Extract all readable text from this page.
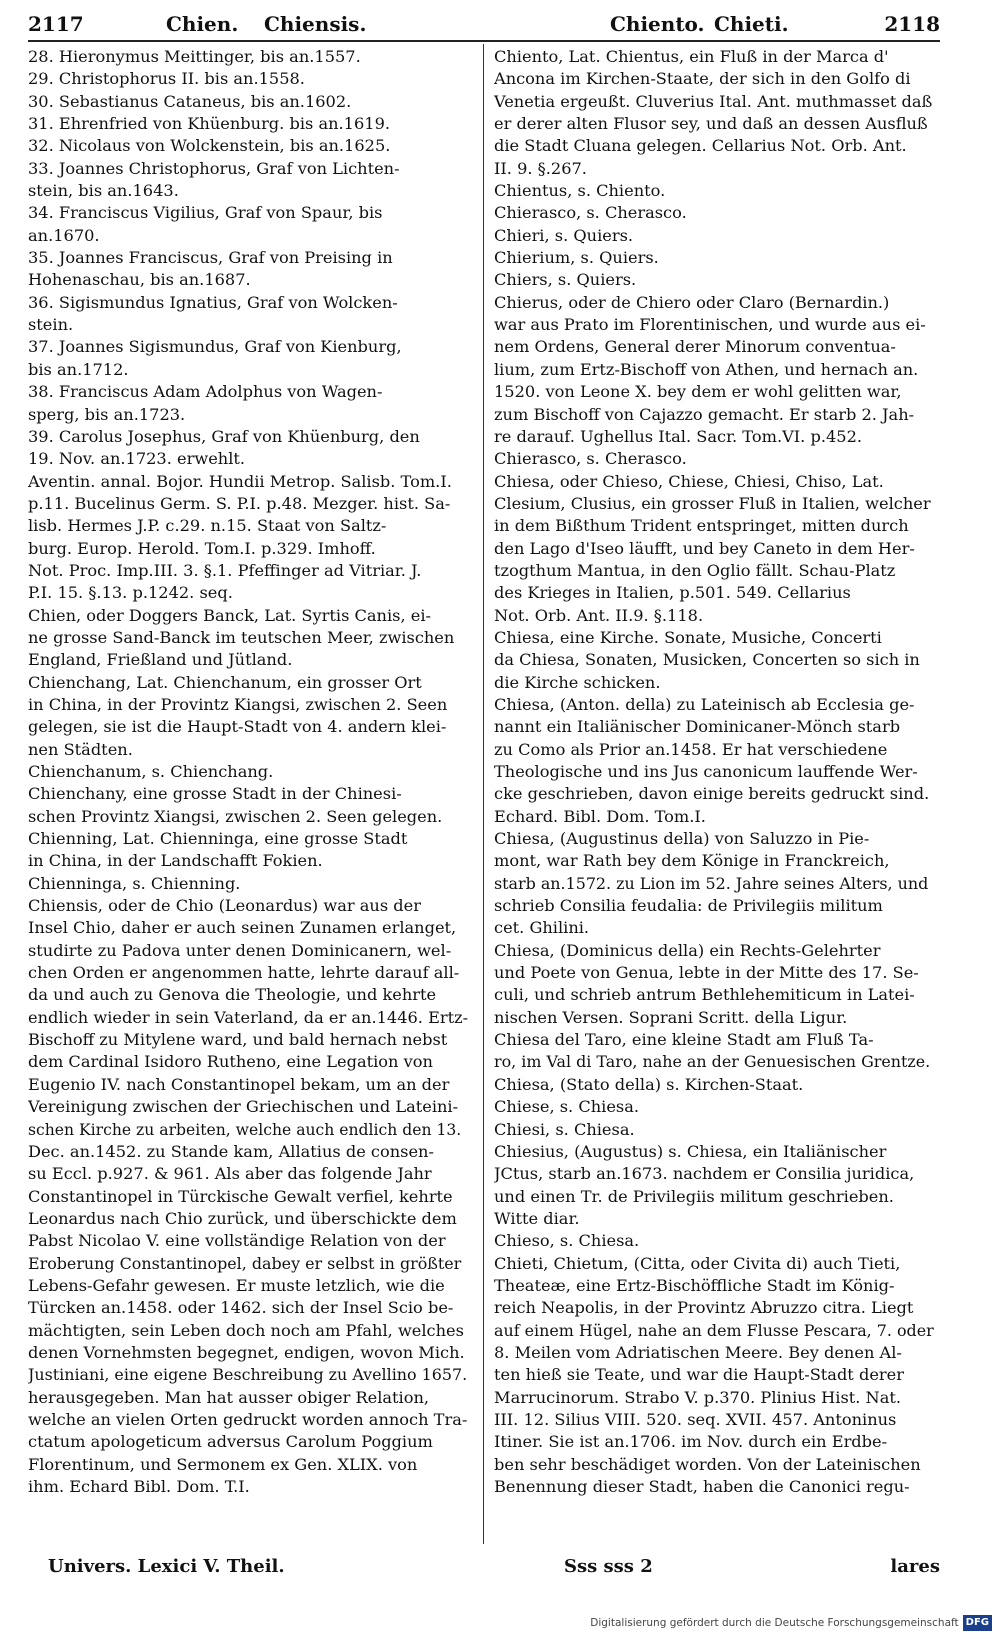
2117	Chien. Chiensis.	Chiento. Chieti.	2118
28. Hieronymus Meittinger, bis an.1557.
29. Christophorus II. bis an.1558.
30. Sebastianus Cataneus, bis an.1602.
31. Ehrenfried von Khüenburg. bis an.1619.
32. Nicolaus von Wolckenstein, bis an.1625.
33. Joannes Christophorus, Graf von Lichten-
stein, bis an.1643.
34. Franciscus Vigilius, Graf von Spaur, bis
an.1670.
35. Joannes Franciscus, Graf von Preising in
Hohenaschau, bis an.1687.
36. Sigismundus Ignatius, Graf von Wolcken-
stein.
37. Joannes Sigismundus, Graf von Kienburg,
bis an.1712.
38. Franciscus Adam Adolphus von Wagen-
sperg, bis an.1723.
39. Carolus Josephus, Graf von Khüenburg, den
19. Nov. an.1723. erwehlt.
Aventin. annal. Bojor. Hundii Metrop. Salisb. Tom.I.
p.11. Bucelinus Germ. S. P.I. p.48. Mezger. hist. Sa-
lisb. Hermes J.P. c.29. n.15. Staat von Saltz-
burg. Europ. Herold. Tom.I. p.329. Imhoff.
Not. Proc. Imp.III. 3. §.1. Pfeffinger ad Vitriar. J.
P.I. 15. §.13. p.1242. seq.
Chien, oder Doggers Banck, Lat. Syrtis Canis, ei-
ne grosse Sand-Banck im teutschen Meer, zwischen
England, Frießland und Jütland.
Chienchang, Lat. Chienchanum, ein grosser Ort
in China, in der Provintz Kiangsi, zwischen 2. Seen
gelegen, sie ist die Haupt-Stadt von 4. andern klei-
nen Städten.
Chienchanum, s. Chienchang.
Chienchany, eine grosse Stadt in der Chinesi-
schen Provintz Xiangsi, zwischen 2. Seen gelegen.
Chienning, Lat. Chienninga, eine grosse Stadt
in China, in der Landschafft Fokien.
Chienninga, s. Chienning.
Chiensis, oder de Chio (Leonardus) war aus der
Insel Chio, daher er auch seinen Zunamen erlanget,
studirte zu Padova unter denen Dominicanern, wel-
chen Orden er angenommen hatte, lehrte darauf all-
da und auch zu Genova die Theologie, und kehrte
endlich wieder in sein Vaterland, da er an.1446. Ertz-
Bischoff zu Mitylene ward, und bald hernach nebst
dem Cardinal Isidoro Rutheno, eine Legation von
Eugenio IV. nach Constantinopel bekam, um an der
Vereinigung zwischen der Griechischen und Lateini-
schen Kirche zu arbeiten, welche auch endlich den 13.
Dec. an.1452. zu Stande kam, Allatius de consen-
su Eccl. p.927. & 961. Als aber das folgende Jahr
Constantinopel in Türckische Gewalt verfiel, kehrte
Leonardus nach Chio zurück, und überschickte dem
Pabst Nicolao V. eine vollständige Relation von der
Eroberung Constantinopel, dabey er selbst in größter
Lebens-Gefahr gewesen. Er muste letzlich, wie die
Türcken an.1458. oder 1462. sich der Insel Scio be-
mächtigten, sein Leben doch noch am Pfahl, welches
denen Vornehmsten begegnet, endigen, wovon Mich.
Justiniani, eine eigene Beschreibung zu Avellino 1657.
herausgegeben. Man hat ausser obiger Relation,
welche an vielen Orten gedruckt worden annoch Tra-
ctatum apologeticum adversus Carolum Poggium
Florentinum, und Sermonem ex Gen. XLIX. von
ihm. Echard Bibl. Dom. T.I.
Chiento, Lat. Chientus, ein Fluß in der Marca d'
Ancona im Kirchen-Staate, der sich in den Golfo di
Venetia ergeußt. Cluverius Ital. Ant. muthmasset daß
er derer alten Flusor sey, und daß an dessen Ausfluß
die Stadt Cluana gelegen. Cellarius Not. Orb. Ant.
II. 9. §.267.
Chientus, s. Chiento.
Chierasco, s. Cherasco.
Chieri, s. Quiers.
Chierium, s. Quiers.
Chiers, s. Quiers.
Chierus, oder de Chiero oder Claro (Bernardin.)
war aus Prato im Florentinischen, und wurde aus ei-
nem Ordens, General derer Minorum conventua-
lium, zum Ertz-Bischoff von Athen, und hernach an.
1520. von Leone X. bey dem er wohl gelitten war,
zum Bischoff von Cajazzo gemacht. Er starb 2. Jah-
re darauf. Ughellus Ital. Sacr. Tom.VI. p.452.
Chierasco, s. Cherasco.
Chiesa, oder Chieso, Chiese, Chiesi, Chiso, Lat.
Clesium, Clusius, ein grosser Fluß in Italien, welcher
in dem Bißthum Trident entspringet, mitten durch
den Lago d'Iseo läufft, und bey Caneto in dem Her-
tzogthum Mantua, in den Oglio fällt. Schau-Platz
des Krieges in Italien, p.501. 549. Cellarius
Not. Orb. Ant. II.9. §.118.
Chiesa, eine Kirche. Sonate, Musiche, Concerti
da Chiesa, Sonaten, Musicken, Concerten so sich in
die Kirche schicken.
Chiesa, (Anton. della) zu Lateinisch ab Ecclesia ge-
nannt ein Italiänischer Dominicaner-Mönch starb
zu Como als Prior an.1458. Er hat verschiedene
Theologische und ins Jus canonicum lauffende Wer-
cke geschrieben, davon einige bereits gedruckt sind.
Echard. Bibl. Dom. Tom.I.
Chiesa, (Augustinus della) von Saluzzo in Pie-
mont, war Rath bey dem Könige in Franckreich,
starb an.1572. zu Lion im 52. Jahre seines Alters, und
schrieb Consilia feudalia: de Privilegiis militum
cet. Ghilini.
Chiesa, (Dominicus della) ein Rechts-Gelehrter
und Poete von Genua, lebte in der Mitte des 17. Se-
culi, und schrieb antrum Bethlehemiticum in Latei-
nischen Versen. Soprani Scritt. della Ligur.
Chiesa del Taro, eine kleine Stadt am Fluß Ta-
ro, im Val di Taro, nahe an der Genuesischen Grentze.
Chiesa, (Stato della) s. Kirchen-Staat.
Chiese, s. Chiesa.
Chiesi, s. Chiesa.
Chiesius, (Augustus) s. Chiesa, ein Italiänischer
JCtus, starb an.1673. nachdem er Consilia juridica,
und einen Tr. de Privilegiis militum geschrieben.
Witte diar.
Chieso, s. Chiesa.
Chieti, Chietum, (Citta, oder Civita di) auch Tieti,
Theateæ, eine Ertz-Bischöffliche Stadt im König-
reich Neapolis, in der Provintz Abruzzo citra. Liegt
auf einem Hügel, nahe an dem Flusse Pescara, 7. oder
8. Meilen vom Adriatischen Meere. Bey denen Al-
ten hieß sie Teate, und war die Haupt-Stadt derer
Marrucinorum. Strabo V. p.370. Plinius Hist. Nat.
III. 12. Silius VIII. 520. seq. XVII. 457. Antoninus
Itiner. Sie ist an.1706. im Nov. durch ein Erdbe-
ben sehr beschädiget worden. Von der Lateinischen
Benennung dieser Stadt, haben die Canonici regu-
Univers. Lexici V. Theil.	Sss sss 2	lares
Digitalisierung gefördert durch die Deutsche Forschungsgemeinschaft DFG
